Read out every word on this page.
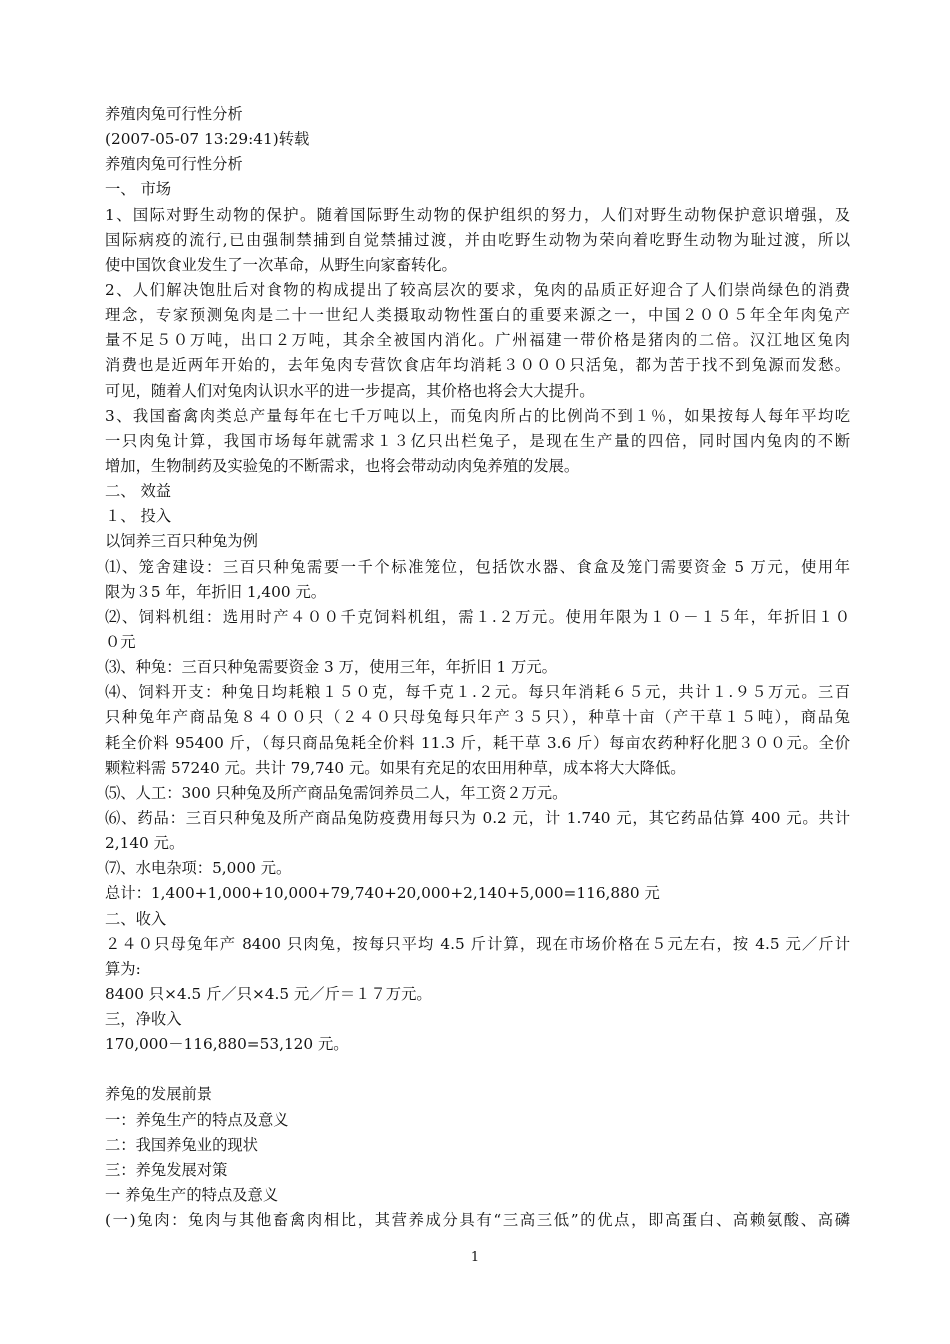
养殖肉兔可行性分析
(2007-05-07 13:29:41)转载
养殖肉兔可行性分析
一、 市场
1、国际对野生动物的保护。随着国际野生动物的保护组织的努力，人们对野生动物保护意识增强，及
国际病疫的流行,已由强制禁捕到自觉禁捕过渡，并由吃野生动物为荣向着吃野生动物为耻过渡，所以
使中国饮食业发生了一次革命，从野生向家畜转化。
2、人们解决饱肚后对食物的构成提出了较高层次的要求，兔肉的品质正好迎合了人们崇尚绿色的消费
理念，专家预测兔肉是二十一世纪人类摄取动物性蛋白的重要来源之一，中国２００５年全年肉兔产
量不足５０万吨，出口２万吨，其余全被国内消化。广州福建一带价格是猪肉的二倍。汉江地区兔肉
消费也是近两年开始的，去年兔肉专营饮食店年均消耗３０００只活兔，都为苦于找不到兔源而发愁。
可见，随着人们对兔肉认识水平的进一步提高，其价格也将会大大提升。
3、我国畜禽肉类总产量每年在七千万吨以上，而兔肉所占的比例尚不到１％，如果按每人每年平均吃
一只肉兔计算，我国市场每年就需求１３亿只出栏兔子，是现在生产量的四倍，同时国内兔肉的不断
增加，生物制药及实验兔的不断需求，也将会带动动肉兔养殖的发展。
二、 效益
１、 投入
以饲养三百只种兔为例
⑴、笼舍建设：三百只种兔需要一千个标准笼位，包括饮水器、食盒及笼门需要资金 5 万元，使用年
限为３5 年，年折旧 1,400 元。
⑵、饲料机组：选用时产４００千克饲料机组，需１.２万元。使用年限为１０－１５年，年折旧１０
０元
⑶、种兔：三百只种兔需要资金 3 万，使用三年，年折旧 1 万元。
⑷、饲料开支：种兔日均耗粮１５０克，每千克１.２元。每只年消耗６５元，共计１.９５万元。三百
只种兔年产商品兔８４００只（２４０只母兔每只年产３５只），种草十亩（产干草１５吨），商品兔
耗全价料 95400 斤，（每只商品兔耗全价料 11.3 斤，耗干草 3.6 斤）每亩农药种籽化肥３００元。全价
颗粒料需 57240 元。共计 79,740 元。如果有充足的农田用种草，成本将大大降低。
⑸、人工：300 只种兔及所产商品兔需饲养员二人，年工资２万元。
⑹、药品：三百只种兔及所产商品兔防疫费用每只为 0.2 元，计 1.740 元，其它药品估算 400 元。共计
2,140 元。
⑺、水电杂项：5,000 元。
总计：1,400+1,000+10,000+79,740+20,000+2,140+5,000=116,880 元
二、收入
２４０只母兔年产 8400 只肉兔，按每只平均 4.5 斤计算，现在市场价格在５元左右，按 4.5 元／斤计
算为:
8400 只×4.5 斤／只×4.5 元／斤＝１７万元。
三，净收入
170,000－116,880=53,120 元。
养兔的发展前景
一：养兔生产的特点及意义
二：我国养兔业的现状
三：养兔发展对策
一 养兔生产的特点及意义
(一)兔肉：兔肉与其他畜禽肉相比，其营养成分具有“三高三低”的优点，即高蛋白、高赖氨酸、高磷
1
